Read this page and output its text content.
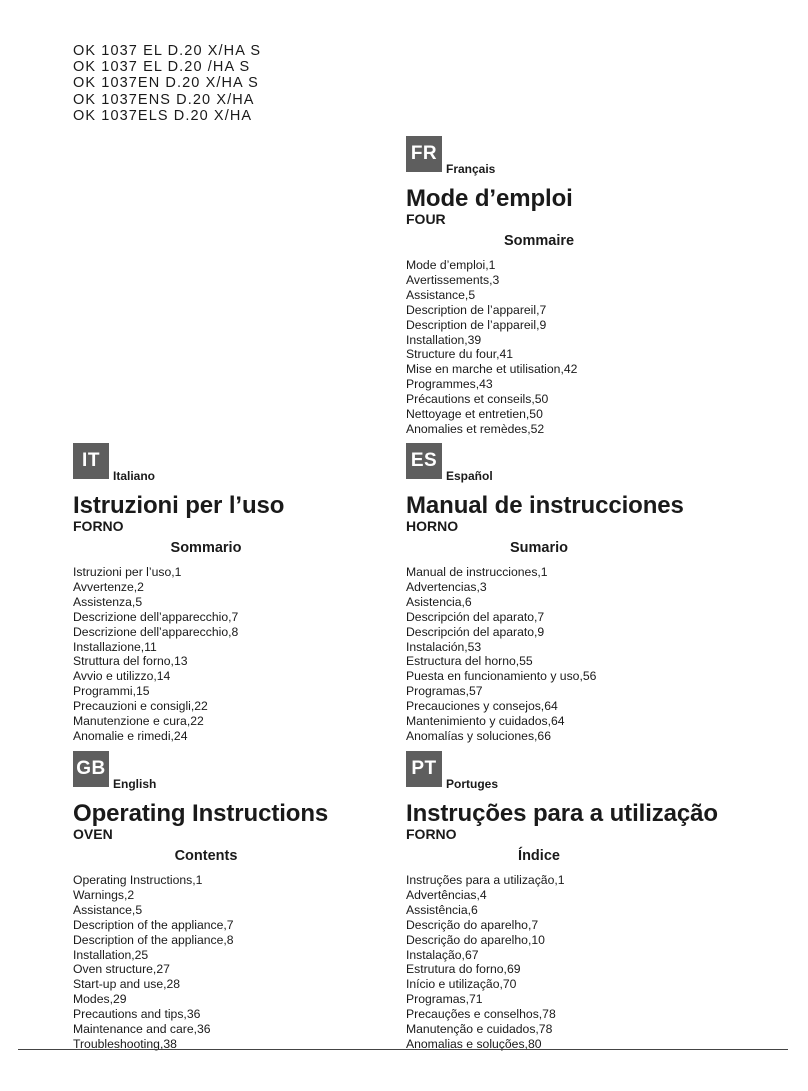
OK 1037 EL D.20 X/HA S
OK 1037 EL D.20 /HA S
OK 1037EN D.20 X/HA S
OK 1037ENS D.20 X/HA
OK 1037ELS D.20 X/HA
FR
Français
Mode d’emploi
FOUR
Sommaire
Mode d’emploi,1
Avertissements,3
Assistance,5
Description de l’appareil,7
Description de l’appareil,9
Installation,39
Structure du four,41
Mise en marche et utilisation,42
Programmes,43
Précautions et conseils,50
Nettoyage et entretien,50
Anomalies et remèdes,52
IT
Italiano
Istruzioni per l’uso
FORNO
Sommario
Istruzioni per l’uso,1
Avvertenze,2
Assistenza,5
Descrizione dell’apparecchio,7
Descrizione dell’apparecchio,8
Installazione,11
Struttura del forno,13
Avvio e utilizzo,14
Programmi,15
Precauzioni e consigli,22
Manutenzione e cura,22
Anomalie e rimedi,24
ES
Español
Manual de instrucciones
HORNO
Sumario
Manual de instrucciones,1
Advertencias,3
Asistencia,6
Descripción del aparato,7
Descripción del aparato,9
Instalación,53
Estructura del horno,55
Puesta en funcionamiento y uso,56
Programas,57
Precauciones y consejos,64
Mantenimiento y cuidados,64
Anomalías y soluciones,66
GB
English
Operating Instructions
OVEN
Contents
Operating Instructions,1
Warnings,2
Assistance,5
Description of the appliance,7
Description of the appliance,8
Installation,25
Oven structure,27
Start-up and use,28
Modes,29
Precautions and tips,36
Maintenance and care,36
Troubleshooting,38
PT
Portuges
Instruções para a utilização
FORNO
Índice
Instruções para a utilização,1
Advertências,4
Assistência,6
Descrição do aparelho,7
Descrição do aparelho,10
Instalação,67
Estrutura do forno,69
Início e utilização,70
Programas,71
Precauções e conselhos,78
Manutenção e cuidados,78
Anomalias e soluções,80
